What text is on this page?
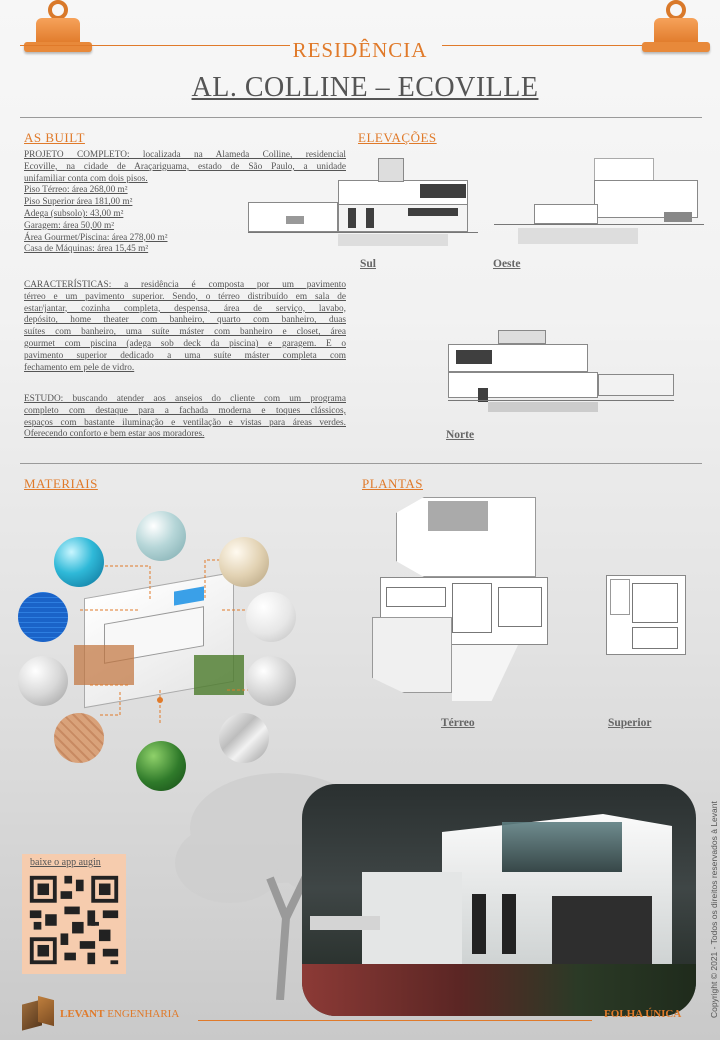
RESIDÊNCIA
AL. COLLINE – ECOVILLE
AS BUILT
PROJETO COMPLETO: localizada na Alameda Colline, residencial
Ecoville, na cidade de Araçariguama, estado de São Paulo, a unidade
unifamiliar conta com dois pisos.
Piso Térreo: área 268,00 m²
Piso Superior área 181,00 m²
Adega (subsolo): 43,00 m²
Garagem: área 50,00 m²
Área Gourmet/Piscina: área 278,00 m²
Casa de Máquinas: área 15,45 m²
CARACTERÍSTICAS: a residência é composta por um pavimento
térreo e um pavimento superior. Sendo, o térreo distribuído em sala de
estar/jantar, cozinha completa, despensa, área de serviço, lavabo,
depósito, home theater com banheiro, quarto com banheiro, duas
suítes com banheiro, uma suíte máster com banheiro e closet, área
gourmet com piscina (adega sob deck da piscina) e garagem. E o
pavimento superior dedicado a uma suíte máster completa com
fechamento em pele de vidro.
ESTUDO: buscando atender aos anseios do cliente com um programa
completo com destaque para a fachada moderna e toques clássicos,
espaços com bastante iluminação e ventilação e vistas para áreas verdes.
Oferecendo conforto e bem estar aos moradores.
ELEVAÇÕES
Sul	Oeste
Norte
MATERIAIS	PLANTAS
Térreo	Superior
baixe o app augin	Copyright © 2021 - Todos os direitos reservados à Levant
LEVANT ENGENHARIA	FOLHA ÚNICA
